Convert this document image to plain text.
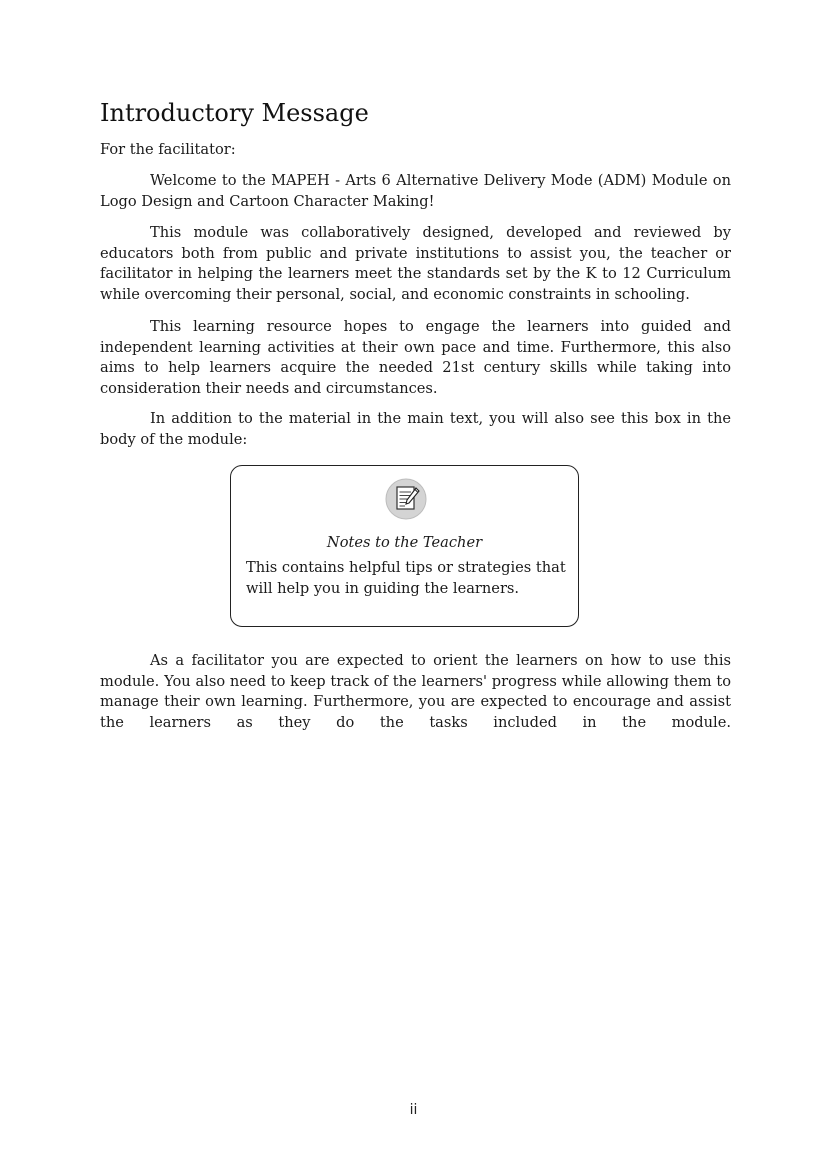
Introductory Message

For the facilitator:

Welcome to the MAPEH - Arts 6 Alternative Delivery Mode (ADM) Module on Logo Design and Cartoon Character Making!

This module was collaboratively designed, developed and reviewed by educators both from public and private institutions to assist you, the teacher or facilitator in helping the learners meet the standards set by the K to 12 Curriculum while overcoming their personal, social, and economic constraints in schooling.

This learning resource hopes to engage the learners into guided and independent learning activities at their own pace and time. Furthermore, this also aims to help learners acquire the needed 21st century skills while taking into consideration their needs and circumstances.

In addition to the material in the main text, you will also see this box in the body of the module:

Notes to the Teacher
This contains helpful tips or strategies that will help you in guiding the learners.

As a facilitator you are expected to orient the learners on how to use this module. You also need to keep track of the learners' progress while allowing them to manage their own learning. Furthermore, you are expected to encourage and assist the learners as they do the tasks included in the module.

ii
